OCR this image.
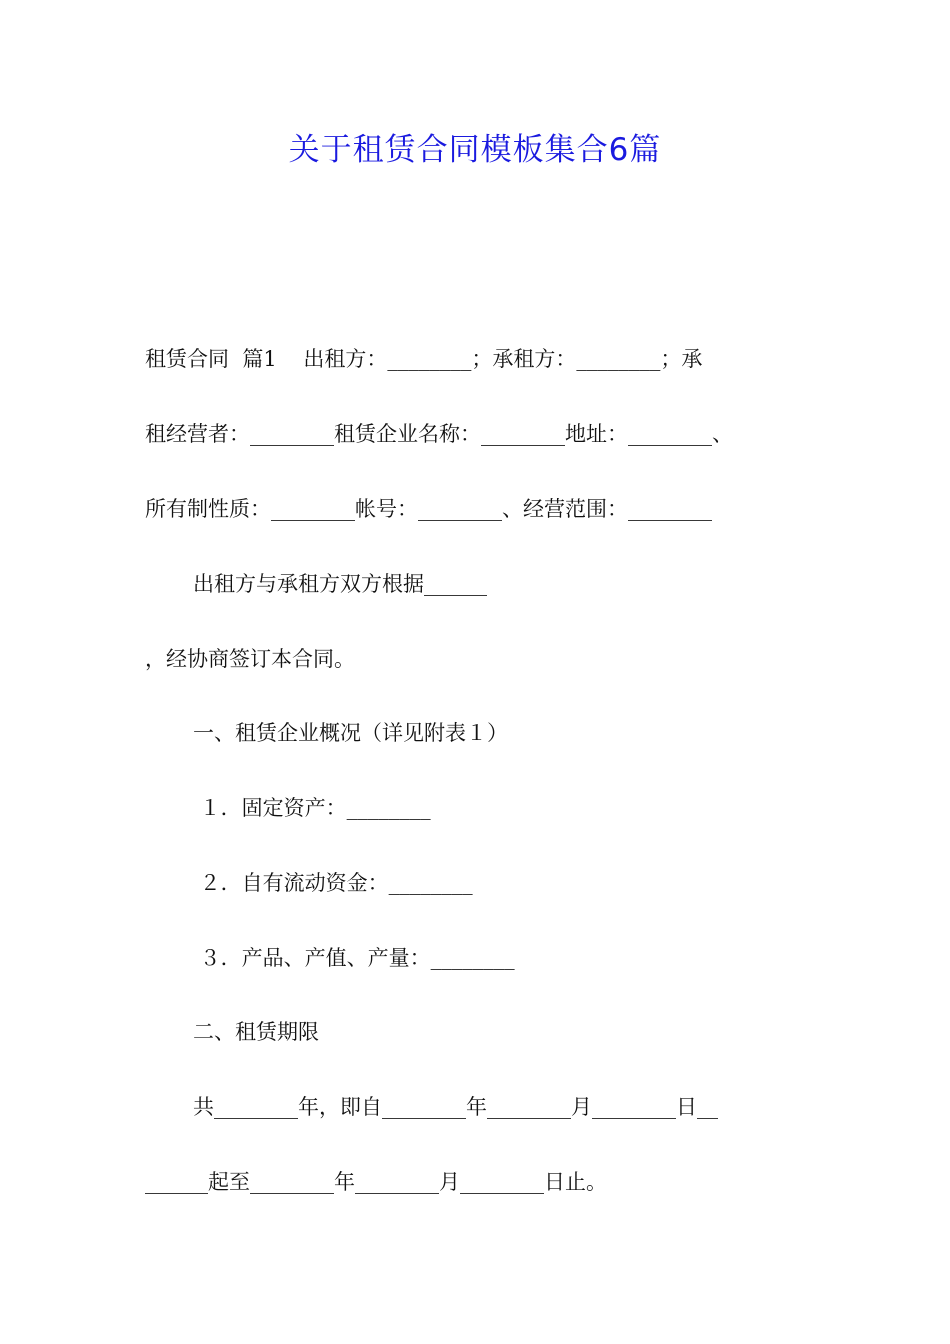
关于租赁合同模板集合6篇
租赁合同  篇1    出租方：________；承租方：________；承
租经营者：________租赁企业名称：________地址：________、
所有制性质：________帐号：________、经营范围：________
出租方与承租方双方根据______
，经协商签订本合同。
一、租赁企业概况（详见附表１）
１．固定资产：________
２．自有流动资金：________
３．产品、产值、产量：________
二、租赁期限
共________年，即自________年________月________日__
______起至________年________月________日止。
